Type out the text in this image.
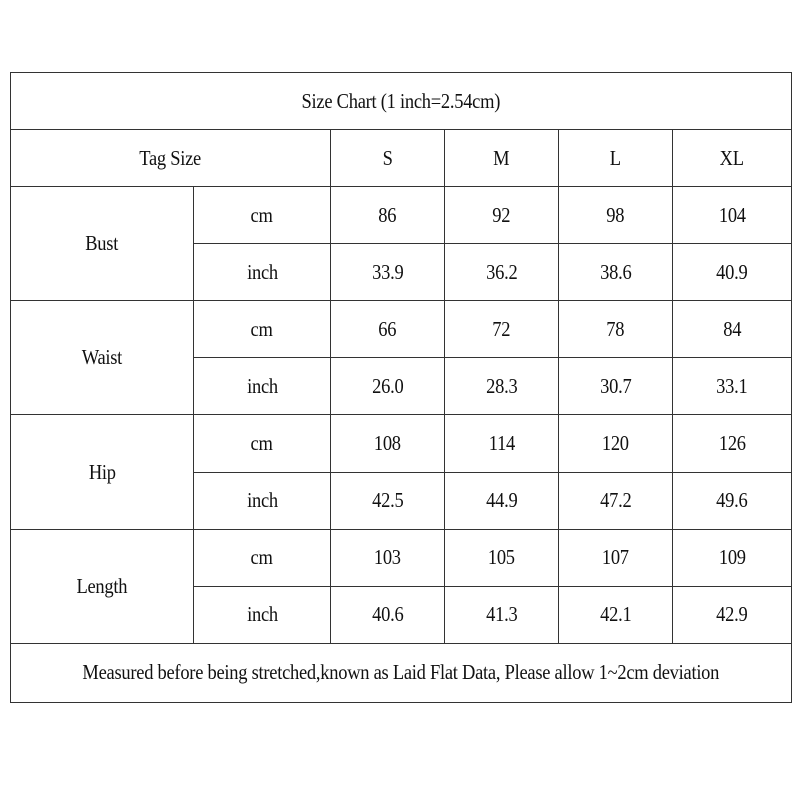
Size Chart (1 inch=2.54cm)					
Tag Size		S	M	L	XL
Bust	cm	86	92	98	104
	inch	33.9	36.2	38.6	40.9
Waist	cm	66	72	78	84
	inch	26.0	28.3	30.7	33.1
Hip	cm	108	114	120	126
	inch	42.5	44.9	47.2	49.6
Length	cm	103	105	107	109
	inch	40.6	41.3	42.1	42.9
Measured before being stretched,known as Laid Flat Data, Please allow 1~2cm deviation					
